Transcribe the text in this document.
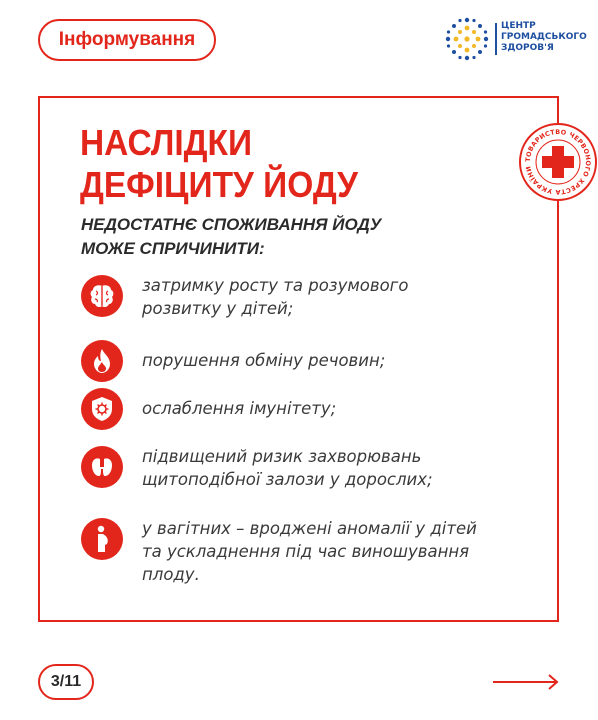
Інформування
ЦЕНТР
ГРОМАДСЬКОГО
ЗДОРОВ'Я
ТОВАРИСТВО ЧЕРВОНОГО ХРЕСТА УКРАЇНИ
НАСЛІДКИ
ДЕФІЦИТУ ЙОДУ
НЕДОСТАТНЄ СПОЖИВАННЯ ЙОДУ
МОЖЕ СПРИЧИНИТИ:
затримку росту та розумового
розвитку у дітей;
порушення обміну речовин;
ослаблення імунітету;
підвищений ризик захворювань
щитоподібної залози у дорослих;
у вагітних – вроджені аномалії у дітей
та ускладнення під час виношування
плоду.
3/11
